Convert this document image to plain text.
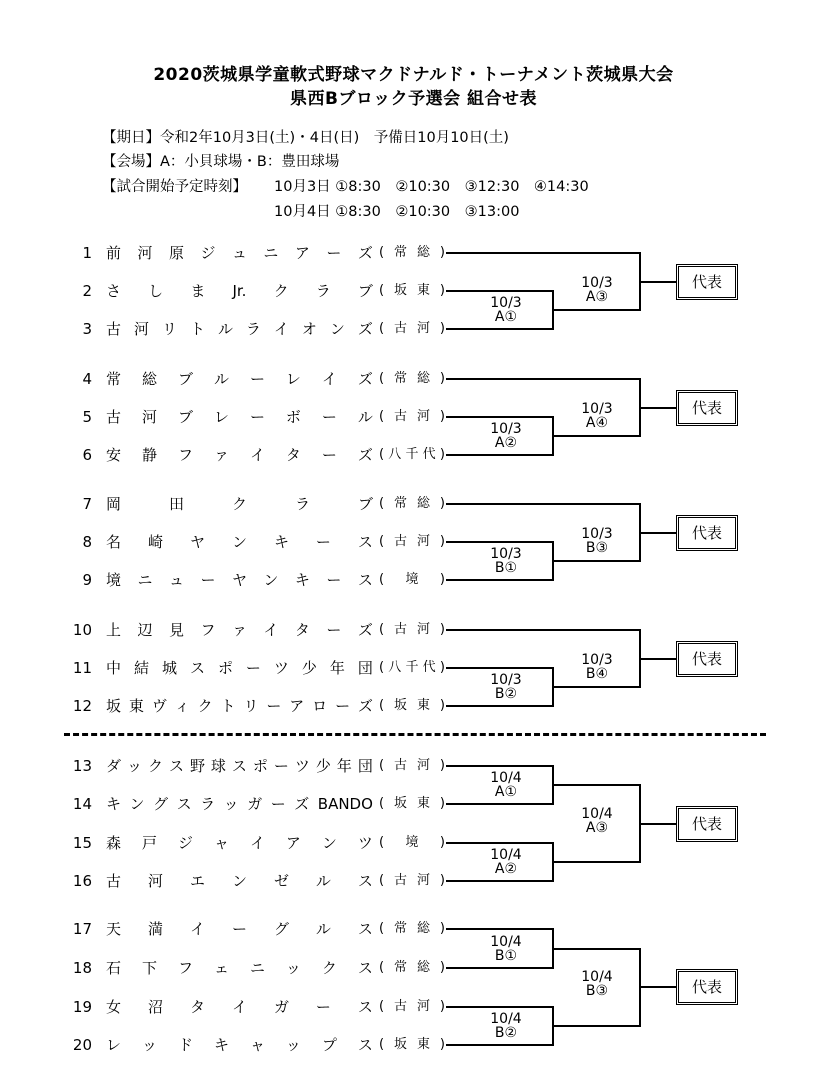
2020茨城県学童軟式野球マクドナルド・トーナメント茨城県大会
県西Bブロック予選会 組合せ表
【期日】令和2年10月3日(土)・4日(日)　予備日10月10日(土)
【会場】A：小貝球場・B：豊田球場
【試合開始予定時刻】 10月3日 ①8:30　②10:30　③12:30　④14:30
10月4日 ①8:30　②10:30　③13:00
1 前 河 原 ジ ュ ニ ア ー ズ ( 常 総 )
2 さ し ま Jr. ク ラ ブ ( 坂 東 )
3 古 河 リ ト ル ラ イ オ ン ズ ( 古 河 )
4 常 総 ブ ル ー レ イ ズ ( 常 総 )
5 古 河 ブ レ ー ボ ー ル ( 古 河 )
6 安 静 フ ァ イ タ ー ズ ( 八 千 代 )
7 岡	田	ク	ラ	ブ ( 常 総 )
8 名 崎 ヤ ン キ ー ス ( 古 河 )
9 境 ニ ュ ー ヤ ン キ ー ス ( 境 )
10 上 辺 見 フ ァ イ タ ー ズ ( 古 河 )
11 中 結 城 ス ポ ー ツ 少 年 団 ( 八 千 代 )
12 坂 東 ヴ ィ ク ト リ ー ア ロ ー ズ ( 坂 東 )
13 ダ ッ ク ス 野 球 ス ポ ー ツ 少 年 団 ( 古 河 )
14 キ ン グ ス ラ ッ ガ ー ズ BANDO ( 坂 東 )
15 森 戸 ジ ャ イ ア ン ツ ( 境 )
16 古 河 エ ン ゼ ル ス ( 古 河 )
17 天 満 イ ー グ ル ス ( 常 総 )
18 石 下 フ ェ ニ ッ ク ス ( 常 総 )
19 女 沼 タ イ ガ ー ス ( 古 河 )
20 レ ッ ド キ ャ ッ プ ス ( 坂 東 )
10/3
A①
10/3
A③
代表
10/3
A②
10/3
A④
代表
10/3
B①
10/3
B③
代表
10/3
B②
10/3
B④
代表
10/4
A①
10/4
A②
10/4
A③	代表
10/4
B①
10/4
B②
10/4
B③	代表
